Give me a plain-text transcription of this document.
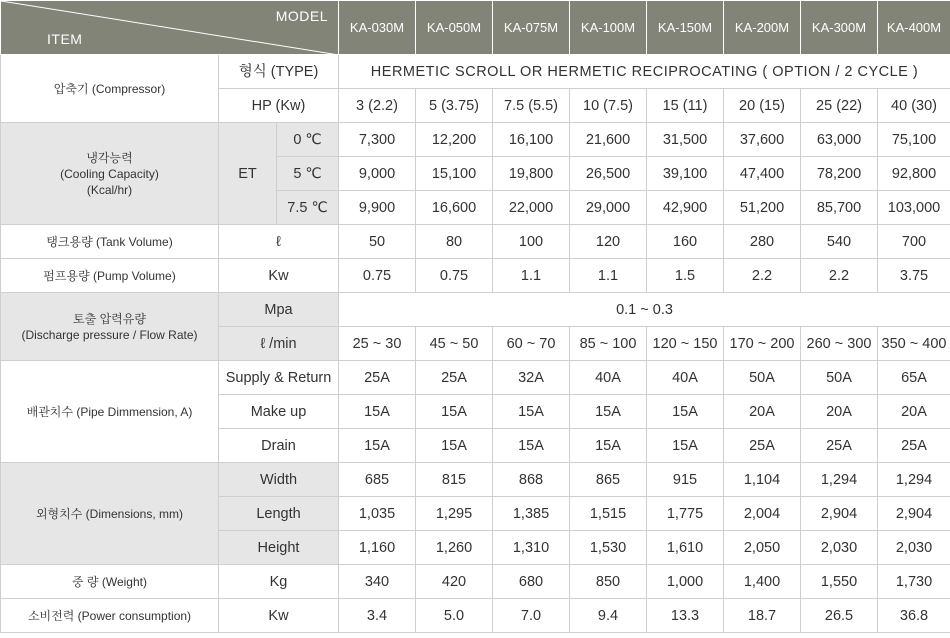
MODEL
ITEM			KA-030M	KA-050M	KA-075M	KA-100M	KA-150M	KA-200M	KA-300M	KA-400M
압축기 (Compressor)	형식 (TYPE)		HERMETIC SCROLL OR HERMETIC RECIPROCATING ( OPTION / 2 CYCLE )							
	HP (Kw)		3 (2.2)	5 (3.75)	7.5 (5.5)	10 (7.5)	15 (11)	20 (15)	25 (22)	40 (30)
냉각능력
(Cooling Capacity)
(Kcal/hr)	ET	0 ℃	7,300	12,200	16,100	21,600	31,500	37,600	63,000	75,100
		5 ℃	9,000	15,100	19,800	26,500	39,100	47,400	78,200	92,800
		7.5 ℃	9,900	16,600	22,000	29,000	42,900	51,200	85,700	103,000
탱크용량 (Tank Volume)	ℓ		50	80	100	120	160	280	540	700
펌프용량 (Pump Volume)	Kw		0.75	0.75	1.1	1.1	1.5	2.2	2.2	3.75
토출 압력유량
(Discharge pressure / Flow Rate)	Mpa		0.1 ~ 0.3							
	ℓ /min		25 ~ 30	45 ~ 50	60 ~ 70	85 ~ 100	120 ~ 150	170 ~ 200	260 ~ 300	350 ~ 400
배관치수 (Pipe Dimmension, A)	Supply & Return		25A	25A	32A	40A	40A	50A	50A	65A
	Make up		15A	15A	15A	15A	15A	20A	20A	20A
	Drain		15A	15A	15A	15A	15A	25A	25A	25A
외형치수 (Dimensions, mm)	Width		685	815	868	865	915	1,104	1,294	1,294
	Length		1,035	1,295	1,385	1,515	1,775	2,004	2,904	2,904
	Height		1,160	1,260	1,310	1,530	1,610	2,050	2,030	2,030
중 량 (Weight)	Kg		340	420	680	850	1,000	1,400	1,550	1,730
소비전력 (Power consumption)	Kw		3.4	5.0	7.0	9.4	13.3	18.7	26.5	36.8
